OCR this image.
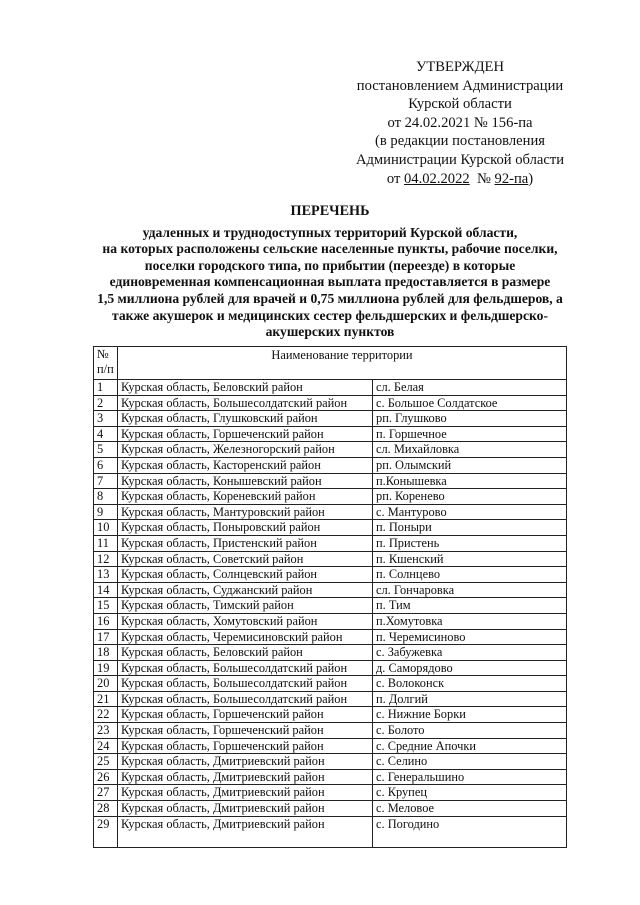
УТВЕРЖДЕН
постановлением Администрации
Курской области
от 24.02.2021 № 156-па
(в редакции постановления
Администрации Курской области
от 04.02.2022  № 92-па)
ПЕРЕЧЕНЬ
удаленных и труднодоступных территорий Курской области,
на которых расположены сельские населенные пункты, рабочие поселки,
поселки городского типа, по прибытии (переезде) в которые
единовременная компенсационная выплата предоставляется в размере
1,5 миллиона рублей для врачей и 0,75 миллиона рублей для фельдшеров, а
также акушерок и медицинских сестер фельдшерских и фельдшерско-
акушерских пунктов
№
п/п	Наименование территории	
1	Курская область, Беловский район	сл. Белая
2	Курская область, Большесолдатский район	с. Большое Солдатское
3	Курская область, Глушковский район	рп. Глушково
4	Курская область, Горшеченский район	п. Горшечное
5	Курская область, Железногорский район	сл. Михайловка
6	Курская область, Касторенский район	рп. Олымский
7	Курская область, Конышевский район	п.Конышевка
8	Курская область, Кореневский район	рп. Коренево
9	Курская область, Мантуровский район	с. Мантурово
10	Курская область, Поныровский район	п. Поныри
11	Курская область, Пристенский район	п. Пристень
12	Курская область, Советский район	п. Кшенский
13	Курская область, Солнцевский район	п. Солнцево
14	Курская область, Суджанский район	сл. Гончаровка
15	Курская область, Тимский район	п. Тим
16	Курская область, Хомутовский район	п.Хомутовка
17	Курская область, Черемисиновский район	п. Черемисиново
18	Курская область, Беловский район	с. Забужевка
19	Курская область, Большесолдатский район	д. Саморядово
20	Курская область, Большесолдатский район	с. Волоконск
21	Курская область, Большесолдатский район	п. Долгий
22	Курская область, Горшеченский район	с. Нижние Борки
23	Курская область, Горшеченский район	с. Болото
24	Курская область, Горшеченский район	с. Средние Апочки
25	Курская область, Дмитриевский район	с. Селино
26	Курская область, Дмитриевский район	с. Генеральшино
27	Курская область, Дмитриевский район	с. Крупец
28	Курская область, Дмитриевский район	с. Меловое
29	Курская область, Дмитриевский район	с. Погодино
